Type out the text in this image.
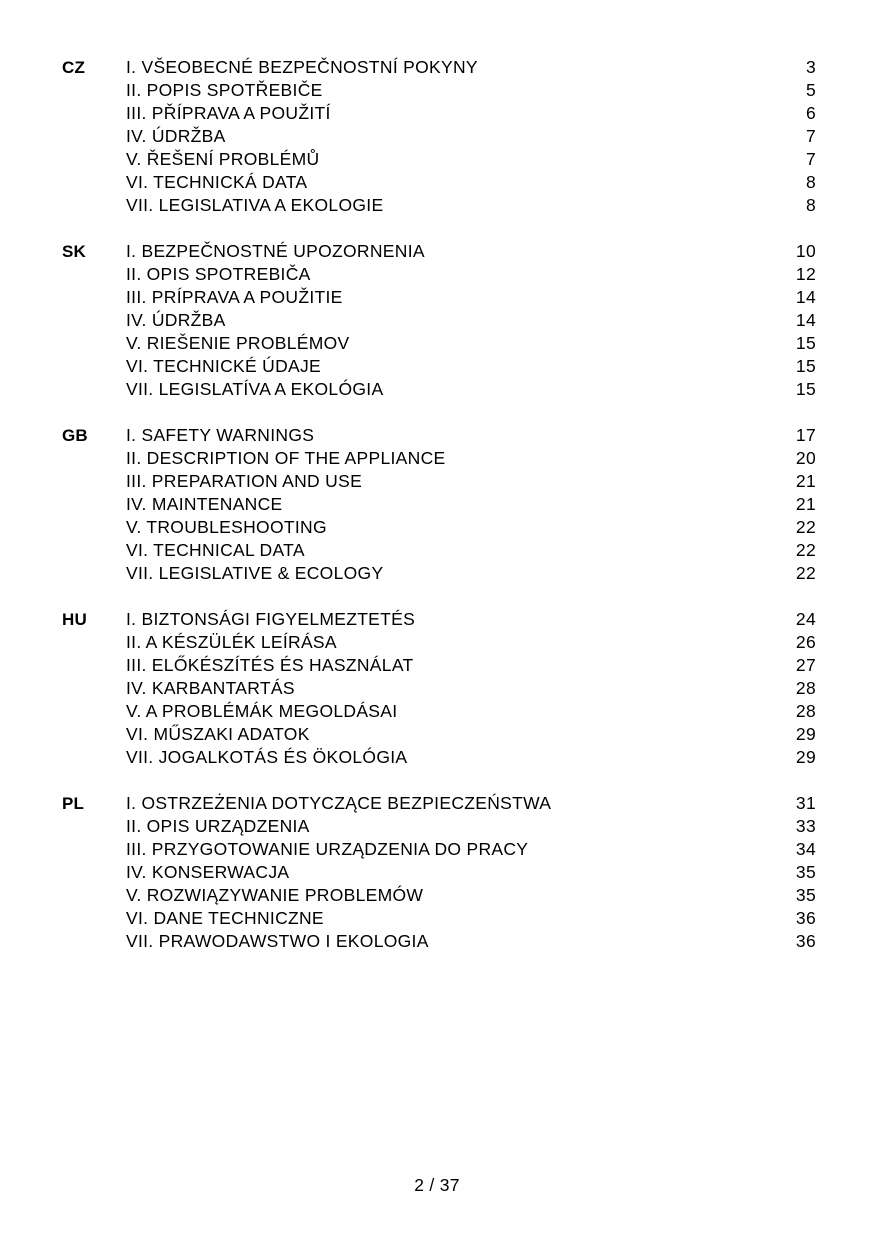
CZ I. VŠEOBECNÉ BEZPEČNOSTNÍ POKYNY	3
II. POPIS SPOTŘEBIČE	5
III. PŘÍPRAVA A POUŽITÍ	6
IV. ÚDRŽBA	7
V. ŘEŠENÍ PROBLÉMŮ	7
VI. TECHNICKÁ DATA	8
VII. LEGISLATIVA A EKOLOGIE	8
SK I. BEZPEČNOSTNÉ UPOZORNENIA	10
II. OPIS SPOTREBIČA	12
III. PRÍPRAVA A POUŽITIE	14
IV. ÚDRŽBA	14
V. RIEŠENIE PROBLÉMOV	15
VI. TECHNICKÉ ÚDAJE	15
VII. LEGISLATÍVA A EKOLÓGIA	15
GB I. SAFETY WARNINGS	17
II. DESCRIPTION OF THE APPLIANCE	20
III. PREPARATION AND USE	21
IV. MAINTENANCE	21
V. TROUBLESHOOTING	22
VI. TECHNICAL DATA	22
VII. LEGISLATIVE & ECOLOGY	22
HU I. BIZTONSÁGI FIGYELMEZTETÉS	24
II. A KÉSZÜLÉK LEÍRÁSA	26
III. ELŐKÉSZÍTÉS ÉS HASZNÁLAT	27
IV. KARBANTARTÁS	28
V. A PROBLÉMÁK MEGOLDÁSAI	28
VI. MŰSZAKI ADATOK	29
VII. JOGALKOTÁS ÉS ÖKOLÓGIA	29
PL I. OSTRZEŻENIA DOTYCZĄCE BEZPIECZEŃSTWA	31
II. OPIS URZĄDZENIA	33
III. PRZYGOTOWANIE URZĄDZENIA DO PRACY	34
IV. KONSERWACJA	35
V. ROZWIĄZYWANIE PROBLEMÓW	35
VI. DANE TECHNICZNE	36
VII. PRAWODAWSTWO I EKOLOGIA	36
2 / 37
